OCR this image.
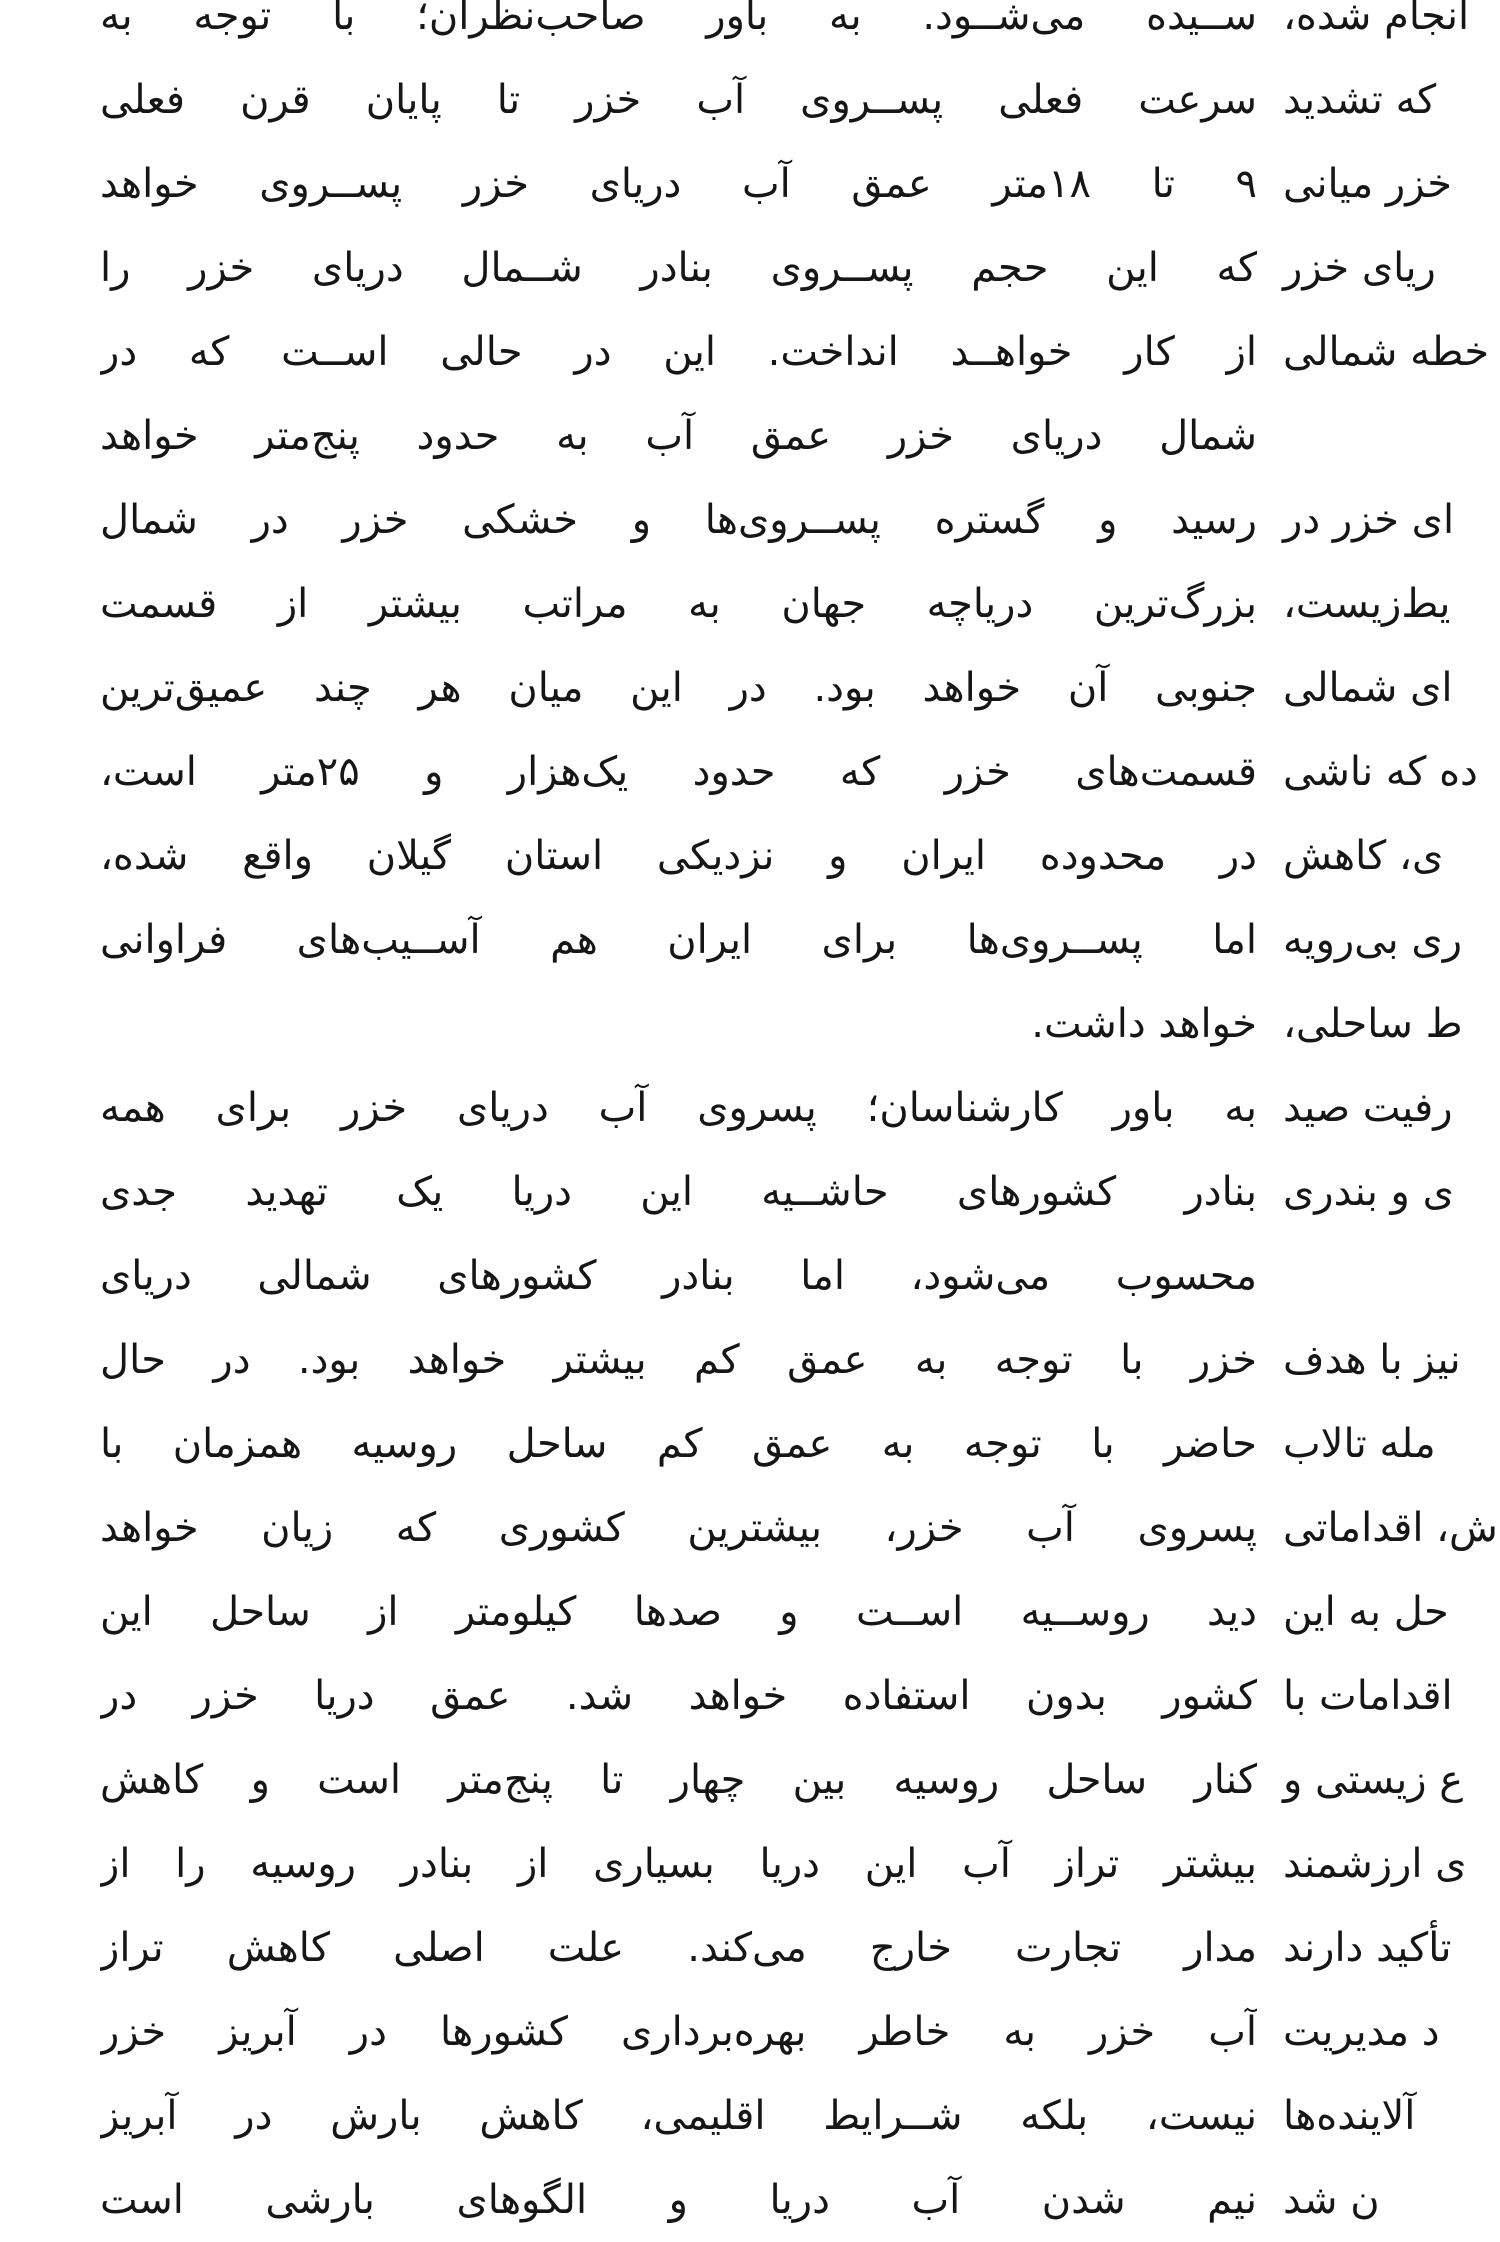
ســیده می‌شــود. به باور صاحب‌نظران؛ با توجه به
سرعت فعلی پســروی آب خزر تا پایان قرن فعلی
۹ تا ۱۸متر عمق آب دریای خزر پســروی خواهد
که این حجم پســروی بنادر شــمال دریای خزر را
از کار خواهــد انداخت. این در حالی اســت که در
شمال دریای خزر عمق آب به حدود پنج‌متر خواهد
رسید و گستره پســروی‌ها و خشکی خزر در شمال
بزرگ‌ترین دریاچه جهان به مراتب بیشتر از قسمت
جنوبی آن خواهد بود. در این میان هر چند عمیق‌ترین
قسمت‌های خزر که حدود یک‌هزار و ۲۵متر است،
در محدوده ایران و نزدیکی استان گیلان واقع شده،
اما پســروی‌ها برای ایران هم آســیب‌های فراوانی
خواهد داشت.
به باور کارشناسان؛ پسروی آب دریای خزر برای همه
بنادر کشورهای حاشــیه این دریا یک تهدید جدی
محسوب می‌شود، اما بنادر کشورهای شمالی دریای
خزر با توجه به عمق کم بیشتر خواهد بود. در حال
حاضر با توجه به عمق کم ساحل روسیه همزمان با
پسروی آب خزر، بیشترین کشوری که زیان خواهد
دید روســیه اســت و صدها کیلومتر از ساحل این
کشور بدون استفاده خواهد شد. عمق دریا خزر در
کنار ساحل روسیه بین چهار تا پنج‌متر است و کاهش
بیشتر تراز آب این دریا بسیاری از بنادر روسیه را از
مدار تجارت خارج می‌کند. علت اصلی کاهش تراز
آب خزر به خاطر بهره‌برداری کشورها در آبریز خزر
نیست، بلکه شــرایط اقلیمی، کاهش بارش در آبریز
نیم شدن آب دریا و الگوهای بارشی است
انجام شده،
که تشدید
خزر میانی
ریای خزر
خطه شمالی

ای خزر در
یط‌زیست،
ای شمالی
ده که ناشی
ی، کاهش
ری بی‌رویه
ط ساحلی،
رفیت صید
ی و بندری

نیز با هدف
مله تالاب
ش، اقداماتی
حل به این
اقدامات با
ع زیستی و
ی ارزشمند
تأکید دارند
د مدیریت
آلاینده‌ها
ن شد
